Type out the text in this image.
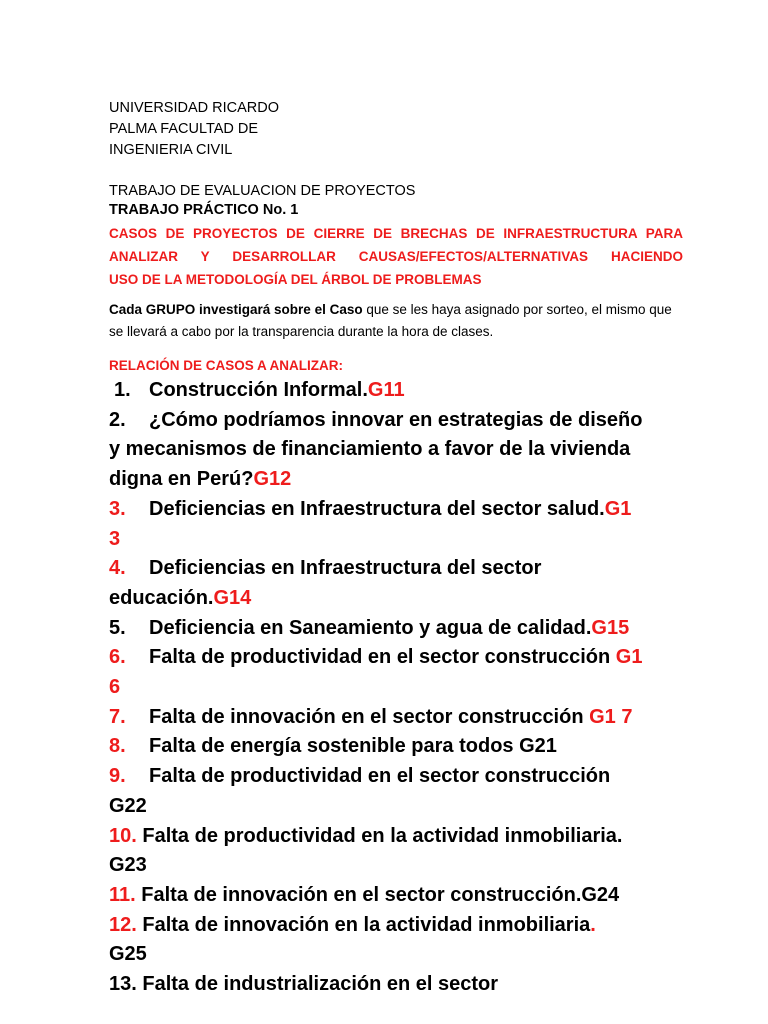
UNIVERSIDAD RICARDO
PALMA FACULTAD DE
INGENIERIA CIVIL
TRABAJO DE EVALUACION DE PROYECTOS
TRABAJO PRÁCTICO No. 1
CASOS DE PROYECTOS DE CIERRE DE BRECHAS DE INFRAESTRUCTURA PARA
ANALIZAR Y DESARROLLAR CAUSAS/EFECTOS/ALTERNATIVAS HACIENDO
USO DE LA METODOLOGÍA DEL ÁRBOL DE PROBLEMAS
Cada GRUPO investigará sobre el Caso que se les haya asignado por sorteo, el mismo que se llevará a cabo por la transparencia durante la hora de clases.
RELACIÓN DE CASOS A ANALIZAR:
1. Construcción Informal.G11
2. ¿Cómo podríamos innovar en estrategias de diseño
y mecanismos de financiamiento a favor de la vivienda
digna en Perú?G12
3. Deficiencias en Infraestructura del sector salud.G1
3
4. Deficiencias en Infraestructura del sector
educación.G14
5. Deficiencia en Saneamiento y agua de calidad.G15
6. Falta de productividad en el sector construcción G1
6
7. Falta de innovación en el sector construcción G1 7
8. Falta de energía sostenible para todos G21
9. Falta de productividad en el sector construcción
G22
10. Falta de productividad en la actividad inmobiliaria.
G23
11. Falta de innovación en el sector construcción.G24
12. Falta de innovación en la actividad inmobiliaria.
G25
13. Falta de industrialización en el sector
